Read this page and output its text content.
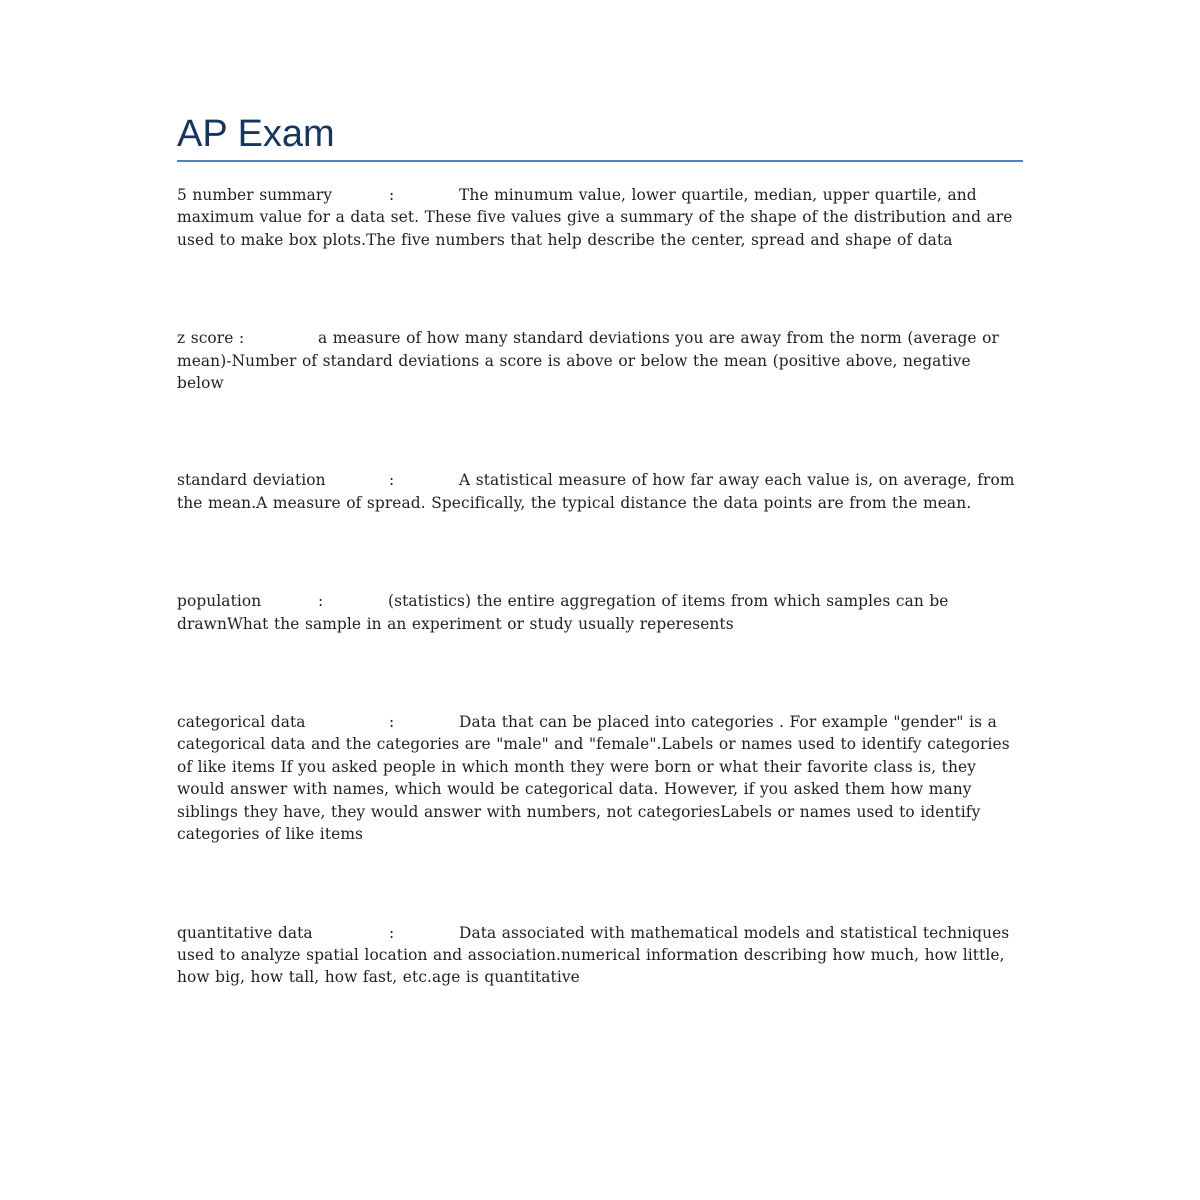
AP Exam

5 number summary	:	The minumum value, lower quartile, median, upper quartile, and maximum value for a data set. These five values give a summary of the shape of the distribution and are used to make box plots.The five numbers that help describe the center, spread and shape of data

z score :	a measure of how many standard deviations you are away from the norm (average or mean)-Number of standard deviations a score is above or below the mean (positive above, negative below

standard deviation	:	A statistical measure of how far away each value is, on average, from the mean.A measure of spread. Specifically, the typical distance the data points are from the mean.

population	:	(statistics) the entire aggregation of items from which samples can be drawnWhat the sample in an experiment or study usually reperesents

categorical data	:	Data that can be placed into categories . For example "gender" is a categorical data and the categories are "male" and "female".Labels or names used to identify categories of like items If you asked people in which month they were born or what their favorite class is, they would answer with names, which would be categorical data. However, if you asked them how many siblings they have, they would answer with numbers, not categoriesLabels or names used to identify categories of like items

quantitative data	:	Data associated with mathematical models and statistical techniques used to analyze spatial location and association.numerical information describing how much, how little, how big, how tall, how fast, etc.age is quantitative
